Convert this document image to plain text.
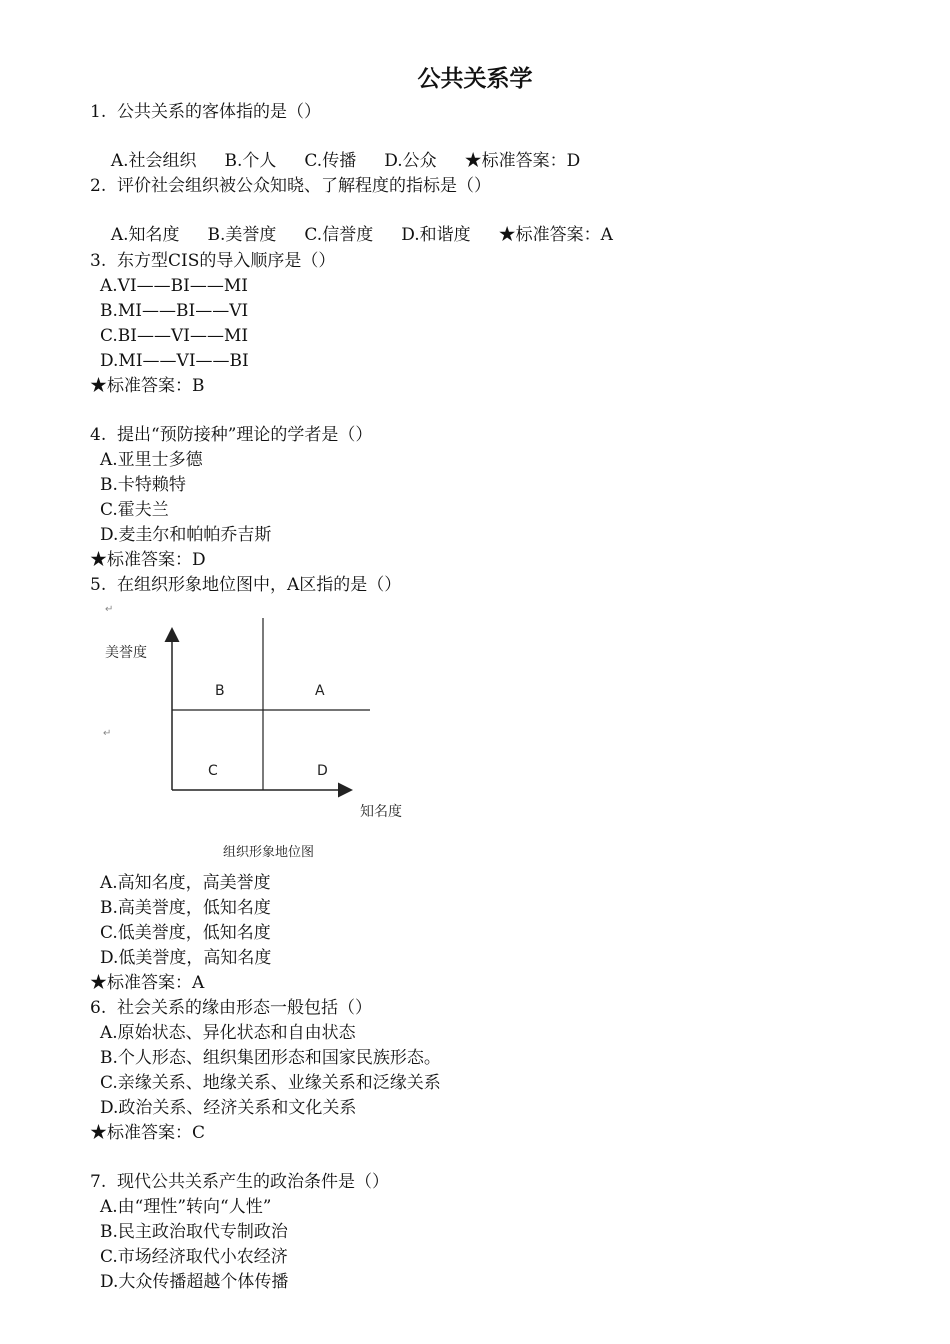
公共关系学
1.  公共关系的客体指的是（）

A.社会组织 B.个人 C.传播 D.公众 ★标准答案：D

2.  评价社会组织被公众知晓、了解程度的指标是（）

A.知名度 B.美誉度 C.信誉度 D.和谐度 ★标准答案：A

3.  东方型CIS的导入顺序是（）
A.VI——BI——MI
B.MI——BI——VI
C.BI——VI——MI
D.MI——VI——BI
★标准答案：B
4.  提出“预防接种”理论的学者是（）
A.亚里士多德
B.卡特赖特
C.霍夫兰
D.麦圭尔和帕帕乔吉斯
★标准答案：D
5.  在组织形象地位图中，A区指的是（）
↵
美誉度
↵
B	A
C	D
知名度
组织形象地位图
A.高知名度，高美誉度
B.高美誉度，低知名度
C.低美誉度，低知名度
D.低美誉度，高知名度
★标准答案：A
6.  社会关系的缘由形态一般包括（）
A.原始状态、异化状态和自由状态
B.个人形态、组织集团形态和国家民族形态。
C.亲缘关系、地缘关系、业缘关系和泛缘关系
D.政治关系、经济关系和文化关系
★标准答案：C
7.  现代公共关系产生的政治条件是（）
A.由“理性”转向“人性”
B.民主政治取代专制政治
C.市场经济取代小农经济
D.大众传播超越个体传播
